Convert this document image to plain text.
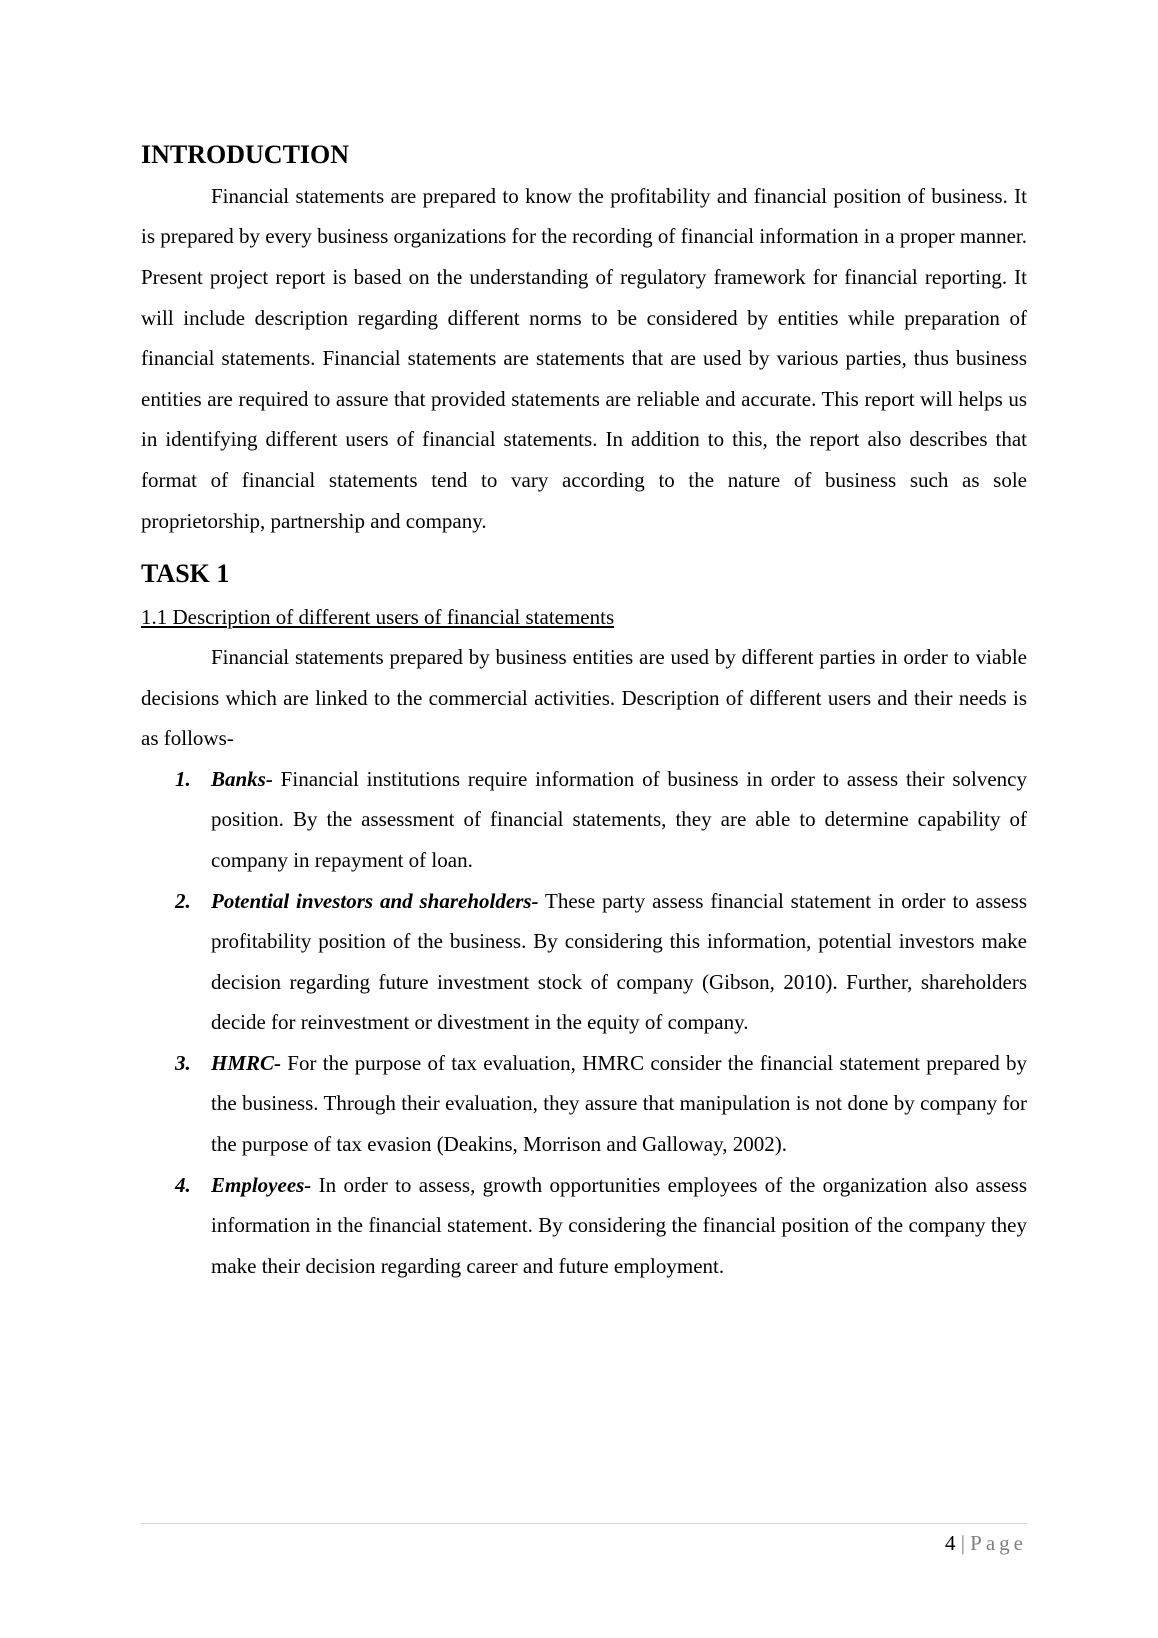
INTRODUCTION

Financial statements are prepared to know the profitability and financial position of business. It is prepared by every business organizations for the recording of financial information in a proper manner. Present project report is based on the understanding of regulatory framework for financial reporting. It will include description regarding different norms to be considered by entities while preparation of financial statements. Financial statements are statements that are used by various parties, thus business entities are required to assure that provided statements are reliable and accurate. This report will helps us in identifying different users of financial statements. In addition to this, the report also describes that format of financial statements tend to vary according to the nature of business such as sole proprietorship, partnership and company.

TASK 1

1.1 Description of different users of financial statements

Financial statements prepared by business entities are used by different parties in order to viable decisions which are linked to the commercial activities. Description of different users and their needs is as follows-

1. Banks- Financial institutions require information of business in order to assess their solvency position. By the assessment of financial statements, they are able to determine capability of company in repayment of loan.
2. Potential investors and shareholders- These party assess financial statement in order to assess profitability position of the business. By considering this information, potential investors make decision regarding future investment stock of company (Gibson, 2010). Further, shareholders decide for reinvestment or divestment in the equity of company.
3. HMRC- For the purpose of tax evaluation, HMRC consider the financial statement prepared by the business. Through their evaluation, they assure that manipulation is not done by company for the purpose of tax evasion (Deakins, Morrison and Galloway, 2002).
4. Employees- In order to assess, growth opportunities employees of the organization also assess information in the financial statement. By considering the financial position of the company they make their decision regarding career and future employment.
4 | Page
